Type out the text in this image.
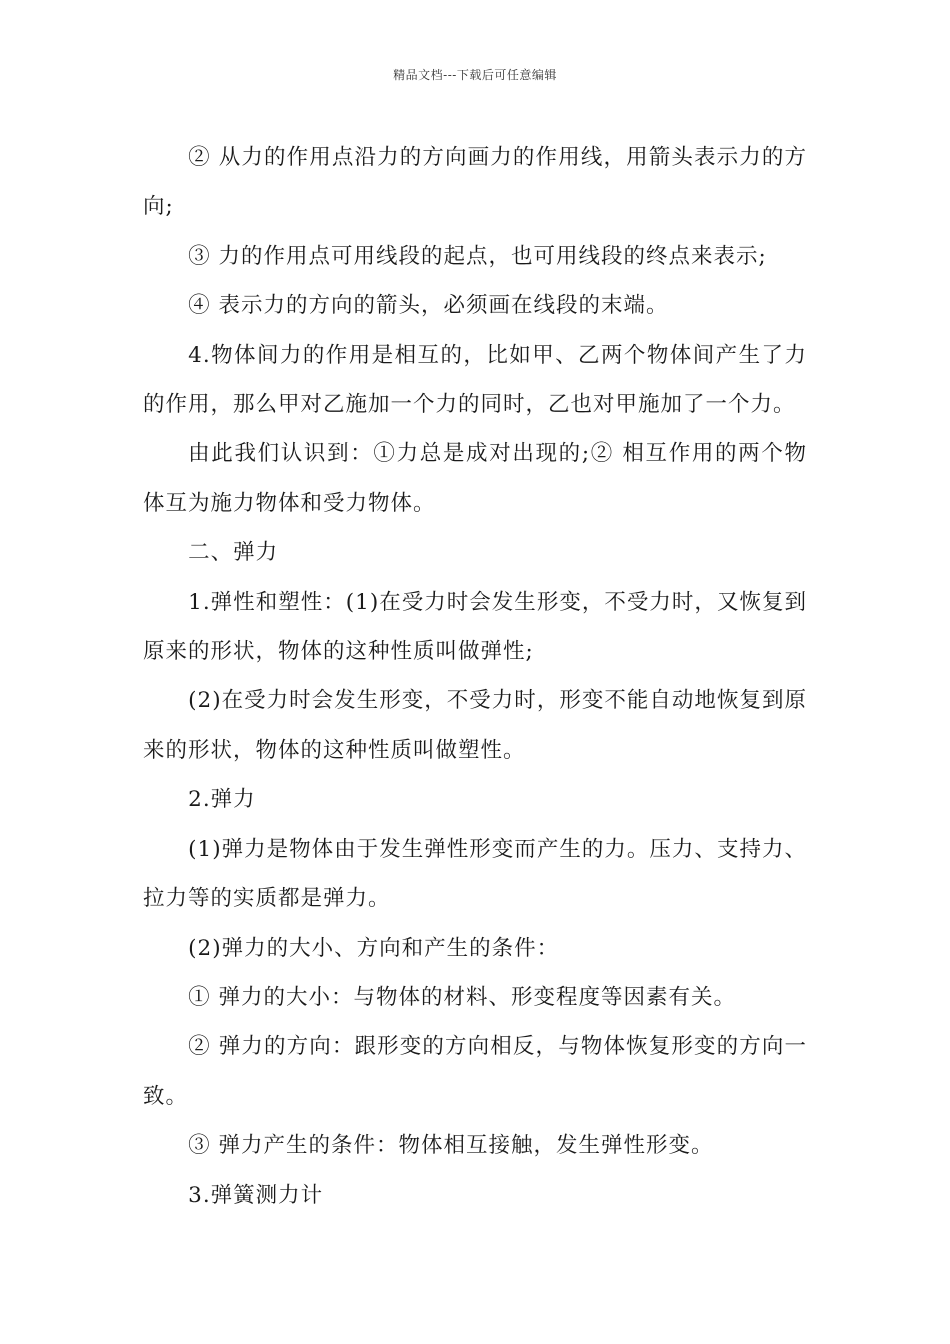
精品文档---下载后可任意编辑

② 从力的作用点沿力的方向画力的作用线，用箭头表示力的方向;

③ 力的作用点可用线段的起点，也可用线段的终点来表示;

④ 表示力的方向的箭头，必须画在线段的末端。

4.物体间力的作用是相互的，比如甲、乙两个物体间产生了力的作用，那么甲对乙施加一个力的同时，乙也对甲施加了一个力。

由此我们认识到：①力总是成对出现的;② 相互作用的两个物体互为施力物体和受力物体。

二、弹力

1.弹性和塑性：(1)在受力时会发生形变，不受力时，又恢复到原来的形状，物体的这种性质叫做弹性;

(2)在受力时会发生形变，不受力时，形变不能自动地恢复到原来的形状，物体的这种性质叫做塑性。

2.弹力

(1)弹力是物体由于发生弹性形变而产生的力。压力、支持力、拉力等的实质都是弹力。

(2)弹力的大小、方向和产生的条件：

① 弹力的大小：与物体的材料、形变程度等因素有关。

② 弹力的方向：跟形变的方向相反，与物体恢复形变的方向一致。

③ 弹力产生的条件：物体相互接触，发生弹性形变。

3.弹簧测力计
